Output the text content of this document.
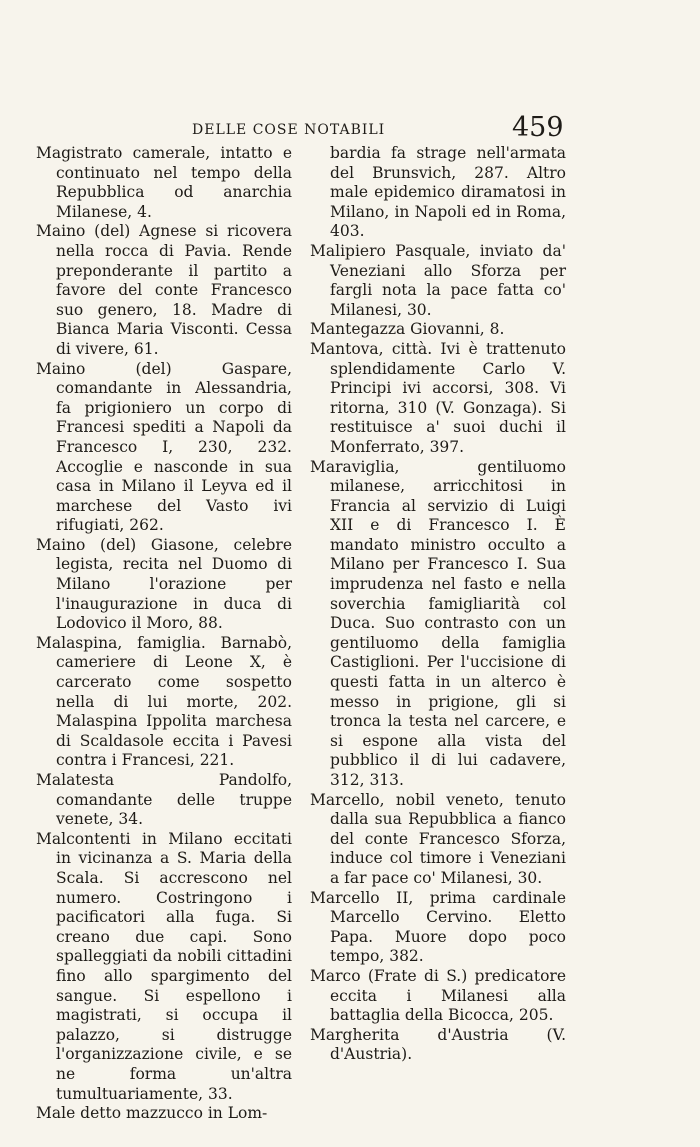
DELLE COSE NOTABILI	459

Magistrato camerale, intatto e continuato nel tempo della Repubblica od anarchia Milanese, 4.

Maino (del) Agnese si ricovera nella rocca di Pavia. Rende preponderante il partito a favore del conte Francesco suo genero, 18. Madre di Bianca Maria Visconti. Cessa di vivere, 61.

Maino (del) Gaspare, comandante in Alessandria, fa prigioniero un corpo di Francesi spediti a Napoli da Francesco I, 230, 232. Accoglie e nasconde in sua casa in Milano il Leyva ed il marchese del Vasto ivi rifugiati, 262.

Maino (del) Giasone, celebre legista, recita nel Duomo di Milano l'orazione per l'inaugurazione in duca di Lodovico il Moro, 88.

Malaspina, famiglia. Barnabò, cameriere di Leone X, è carcerato come sospetto nella di lui morte, 202. Malaspina Ippolita marchesa di Scaldasole eccita i Pavesi contra i Francesi, 221.

Malatesta Pandolfo, comandante delle truppe venete, 34.

Malcontenti in Milano eccitati in vicinanza a S. Maria della Scala. Si accrescono nel numero. Costringono i pacificatori alla fuga. Si creano due capi. Sono spalleggiati da nobili cittadini fino allo spargimento del sangue. Si espellono i magistrati, si occupa il palazzo, si distrugge l'organizzazione civile, e se ne forma un'altra tumultuariamente, 33.

Male detto mazzucco in Lom-

bardia fa strage nell'armata del Brunsvich, 287. Altro male epidemico diramatosi in Milano, in Napoli ed in Roma, 403.

Malipiero Pasquale, inviato da' Veneziani allo Sforza per fargli nota la pace fatta co' Milanesi, 30.

Mantegazza Giovanni, 8.

Mantova, città. Ivi è trattenuto splendidamente Carlo V. Principi ivi accorsi, 308. Vi ritorna, 310 (V. Gonzaga). Si restituisce a' suoi duchi il Monferrato, 397.

Maraviglia, gentiluomo milanese, arricchitosi in Francia al servizio di Luigi XII e di Francesco I. È mandato ministro occulto a Milano per Francesco I. Sua imprudenza nel fasto e nella soverchia famigliarità col Duca. Suo contrasto con un gentiluomo della famiglia Castiglioni. Per l'uccisione di questi fatta in un alterco è messo in prigione, gli si tronca la testa nel carcere, e si espone alla vista del pubblico il di lui cadavere, 312, 313.

Marcello, nobil veneto, tenuto dalla sua Repubblica a fianco del conte Francesco Sforza, induce col timore i Veneziani a far pace co' Milanesi, 30.

Marcello II, prima cardinale Marcello Cervino. Eletto Papa. Muore dopo poco tempo, 382.

Marco (Frate di S.) predicatore eccita i Milanesi alla battaglia della Bicocca, 205.

Margherita d'Austria (V. d'Austria).
